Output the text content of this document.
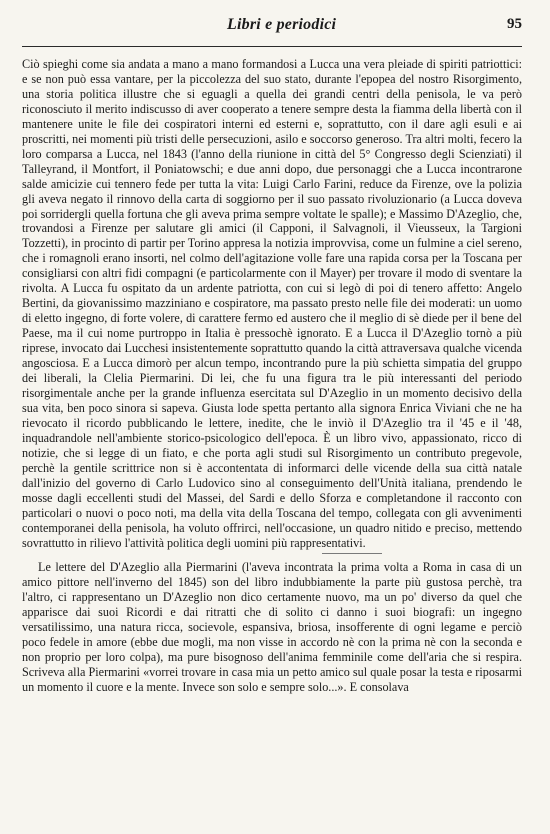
Libri e periodici	95

Ciò spieghi come sia andata a mano a mano formandosi a Lucca una vera pleiade di spiriti patriottici: e se non può essa vantare, per la piccolezza del suo stato, durante l'epopea del nostro Risorgimento, una storia politica illustre che si eguagli a quella dei grandi centri della penisola, le va però riconosciuto il merito indiscusso di aver cooperato a tenere sempre desta la fiamma della libertà con il mantenere unite le file dei cospiratori interni ed esterni e, soprattutto, con il dare agli esuli e ai proscritti, nei momenti più tristi delle persecuzioni, asilo e soccorso generoso. Tra altri molti, fecero la loro comparsa a Lucca, nel 1843 (l'anno della riunione in città del 5° Congresso degli Scienziati) il Talleyrand, il Montfort, il Poniatowschi; e due anni dopo, due personaggi che a Lucca incontrarone salde amicizie cui tennero fede per tutta la vita: Luigi Carlo Farini, reduce da Firenze, ove la polizia gli aveva negato il rinnovo della carta di soggiorno per il suo passato rivoluzionario (a Lucca doveva poi sorridergli quella fortuna che gli aveva prima sempre voltate le spalle); e Massimo D'Azeglio, che, trovandosi a Firenze per salutare gli amici (il Capponi, il Salvagnoli, il Vieusseux, la Targioni Tozzetti), in procinto di partir per Torino appresa la notizia improvvisa, come un fulmine a ciel sereno, che i romagnoli erano insorti, nel colmo dell'agitazione volle fare una rapida corsa per la Toscana per consigliarsi con altri fidi compagni (e particolarmente con il Mayer) per trovare il modo di sventare la rivolta. A Lucca fu ospitato da un ardente patriotta, con cui si legò di poi di tenero affetto: Angelo Bertini, da giovanissimo mazziniano e cospiratore, ma passato presto nelle file dei moderati: un uomo di eletto ingegno, di forte volere, di carattere fermo ed austero che il meglio di sè diede per il bene del Paese, ma il cui nome purtroppo in Italia è pressochè ignorato. E a Lucca il D'Azeglio tornò a più riprese, invocato dai Lucchesi insistentemente soprattutto quando la città attraversava qualche vicenda angosciosa. E a Lucca dimorò per alcun tempo, incontrando pure la più schietta simpatia del gruppo dei liberali, la Clelia Piermarini. Di lei, che fu una figura tra le più interessanti del periodo risorgimentale anche per la grande influenza esercitata sul D'Azeglio in un momento decisivo della sua vita, ben poco sinora si sapeva. Giusta lode spetta pertanto alla signora Enrica Viviani che ne ha rievocato il ricordo pubblicando le lettere, inedite, che le inviò il D'Azeglio tra il '45 e il '48, inquadrandole nell'ambiente storico-psicologico dell'epoca. È un libro vivo, appassionato, ricco di notizie, che si legge di un fiato, e che porta agli studi sul Risorgimento un contributo pregevole, perchè la gentile scrittrice non si è accontentata di informarci delle vicende della sua città natale dall'inizio del governo di Carlo Ludovico sino al conseguimento dell'Unità italiana, prendendo le mosse dagli eccellenti studi del Massei, del Sardi e dello Sforza e completandone il racconto con particolari o nuovi o poco noti, ma della vita della Toscana del tempo, collegata con gli avvenimenti contemporanei della penisola, ha voluto offrirci, nell'occasione, un quadro nitido e preciso, mettendo sovrattutto in rilievo l'attività politica degli uomini più rappresentativi.

Le lettere del D'Azeglio alla Piermarini (l'aveva incontrata la prima volta a Roma in casa di un amico pittore nell'inverno del 1845) son del libro indubbiamente la parte più gustosa perchè, tra l'altro, ci rappresentano un D'Azeglio non dico certamente nuovo, ma un po' diverso da quel che apparisce dai suoi Ricordi e dai ritratti che di solito ci danno i suoi biografi: un ingegno versatilissimo, una natura ricca, socievole, espansiva, briosa, insofferente di ogni legame e perciò poco fedele in amore (ebbe due mogli, ma non visse in accordo nè con la prima nè con la seconda e non proprio per loro colpa), ma pure bisognoso dell'anima femminile come dell'aria che si respira. Scriveva alla Piermarini «vorrei trovare in casa mia un petto amico sul quale posar la testa e riposarmi un momento il cuore e la mente. Invece son solo e sempre solo...». E consolava
